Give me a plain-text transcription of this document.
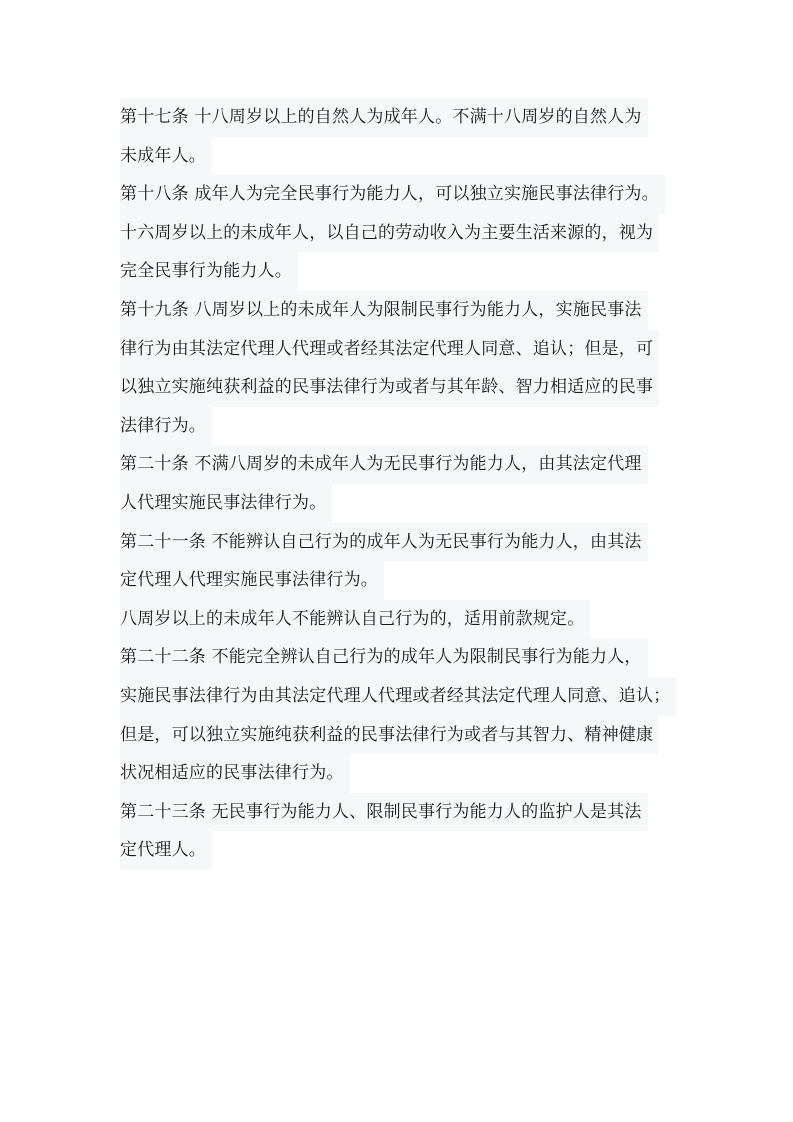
第十七条 十八周岁以上的自然人为成年人。不满十八周岁的自然人为
未成年人。
第十八条 成年人为完全民事行为能力人，可以独立实施民事法律行为。
十六周岁以上的未成年人，以自己的劳动收入为主要生活来源的，视为
完全民事行为能力人。
第十九条 八周岁以上的未成年人为限制民事行为能力人，实施民事法
律行为由其法定代理人代理或者经其法定代理人同意、追认；但是，可
以独立实施纯获利益的民事法律行为或者与其年龄、智力相适应的民事
法律行为。
第二十条 不满八周岁的未成年人为无民事行为能力人，由其法定代理
人代理实施民事法律行为。
第二十一条 不能辨认自己行为的成年人为无民事行为能力人，由其法
定代理人代理实施民事法律行为。
八周岁以上的未成年人不能辨认自己行为的，适用前款规定。
第二十二条 不能完全辨认自己行为的成年人为限制民事行为能力人，
实施民事法律行为由其法定代理人代理或者经其法定代理人同意、追认；
但是，可以独立实施纯获利益的民事法律行为或者与其智力、精神健康
状况相适应的民事法律行为。
第二十三条 无民事行为能力人、限制民事行为能力人的监护人是其法
定代理人。
